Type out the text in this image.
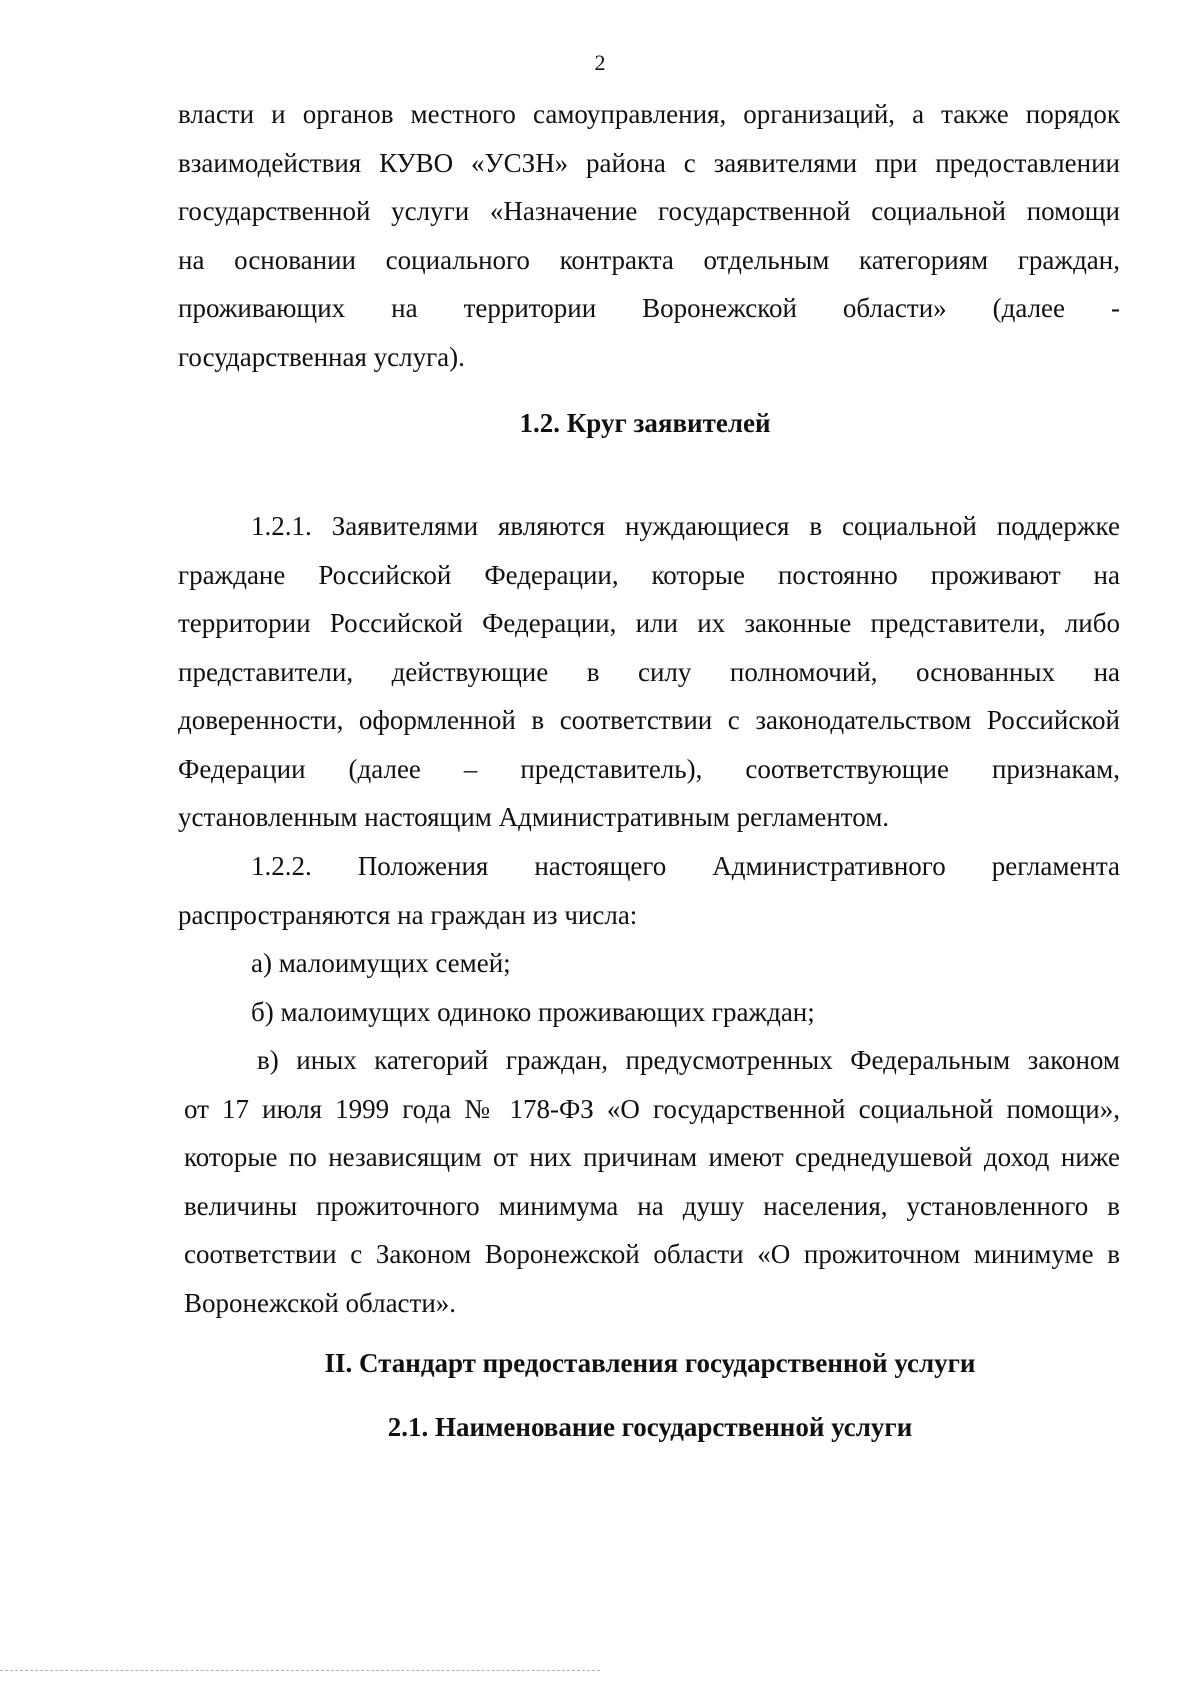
2
власти и органов местного самоуправления, организаций, а также порядок
взаимодействия КУВО «УСЗН» района с заявителями при предоставлении
государственной услуги «Назначение государственной социальной помощи
на основании социального контракта отдельным категориям граждан,
проживающих на территории Воронежской области» (далее -
государственная услуга).
1.2. Круг заявителей
1.2.1. Заявителями являются нуждающиеся в социальной поддержке
граждане Российской Федерации, которые постоянно проживают на
территории Российской Федерации, или их законные представители, либо
представители, действующие в силу полномочий, основанных на
доверенности, оформленной в соответствии с законодательством Российской
Федерации (далее – представитель), соответствующие признакам,
установленным настоящим Административным регламентом.
1.2.2. Положения настоящего Административного регламента
распространяются на граждан из числа:
а) малоимущих семей;
б) малоимущих одиноко проживающих граждан;
в) иных категорий граждан, предусмотренных Федеральным законом
от 17 июля 1999 года № 178-ФЗ «О государственной социальной помощи»,
которые по независящим от них причинам имеют среднедушевой доход ниже
величины прожиточного минимума на душу населения, установленного в
соответствии с Законом Воронежской области «О прожиточном минимуме в
Воронежской области».
II. Стандарт предоставления государственной услуги
2.1. Наименование государственной услуги
